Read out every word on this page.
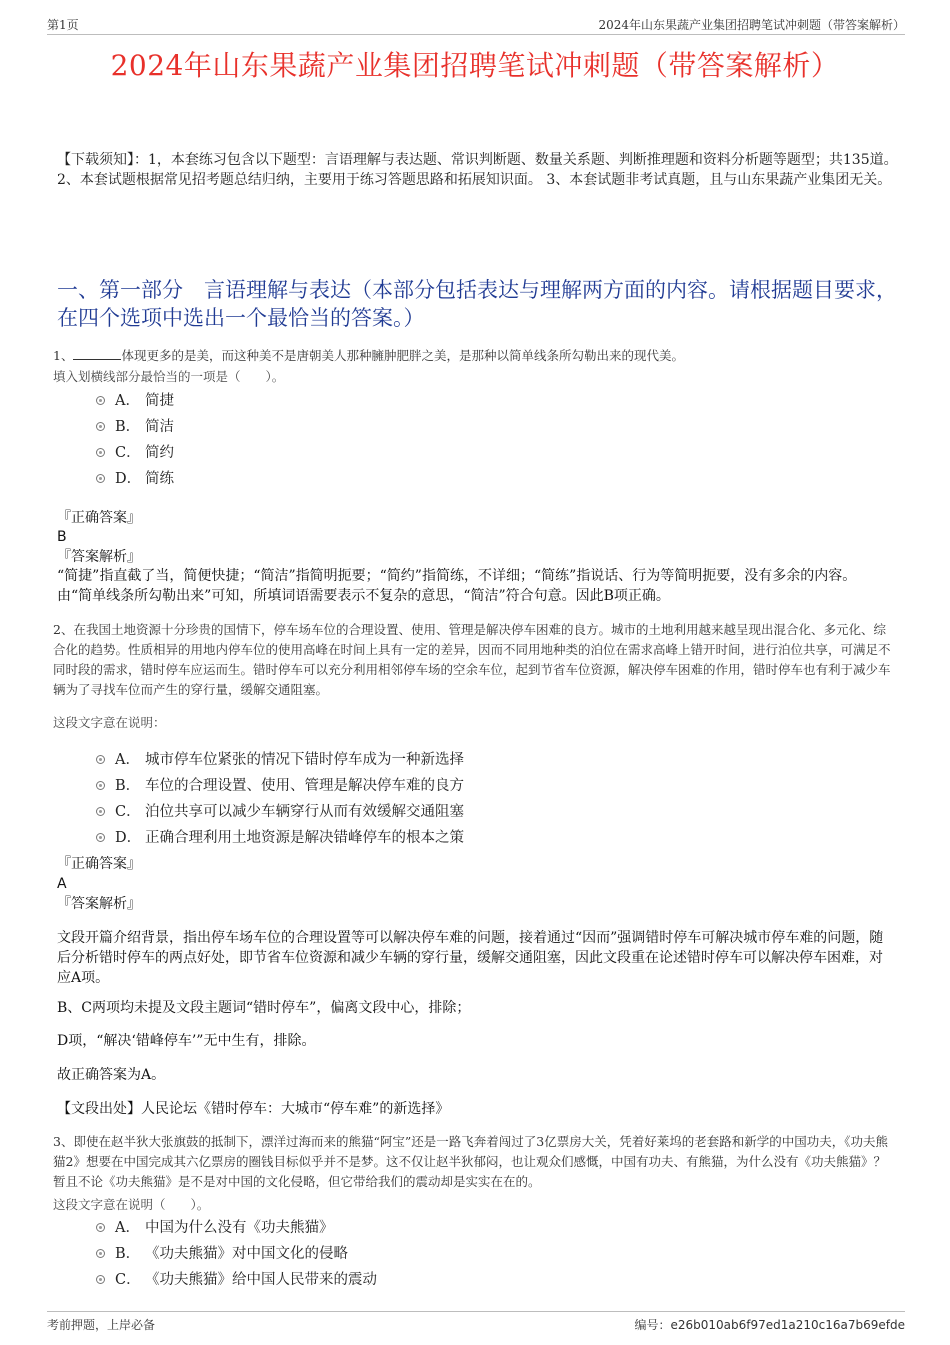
第1页	2024年山东果蔬产业集团招聘笔试冲刺题（带答案解析）
2024年山东果蔬产业集团招聘笔试冲刺题（带答案解析）
【下载须知】：1，本套练习包含以下题型：言语理解与表达题、常识判断题、数量关系题、判断推理题和资料分析题等题型；共135道。 2、本套试题根据常见招考题总结归纳，主要用于练习答题思路和拓展知识面。 3、本套试题非考试真题，且与山东果蔬产业集团无关。
一、第一部分　言语理解与表达（本部分包括表达与理解两方面的内容。请根据题目要求，在四个选项中选出一个最恰当的答案。）
1、	体现更多的是美，而这种美不是唐朝美人那种臃肿肥胖之美，是那种以简单线条所勾勒出来的现代美。
填入划横线部分最恰当的一项是（　　）。
A． 简捷
B． 简洁
C． 简约
D． 简练
『正确答案』
B
『答案解析』
“简捷”指直截了当，简便快捷；“简洁”指简明扼要；“简约”指简练，不详细；“简练”指说话、行为等简明扼要，没有多余的内容。由“简单线条所勾勒出来”可知，所填词语需要表示不复杂的意思，“简洁”符合句意。因此B项正确。
2、在我国土地资源十分珍贵的国情下，停车场车位的合理设置、使用、管理是解决停车困难的良方。城市的土地利用越来越呈现出混合化、多元化、综合化的趋势。性质相异的用地内停车位的使用高峰在时间上具有一定的差异，因而不同用地种类的泊位在需求高峰上错开时间，进行泊位共享，可满足不同时段的需求，错时停车应运而生。错时停车可以充分利用相邻停车场的空余车位，起到节省车位资源，解决停车困难的作用，错时停车也有利于减少车辆为了寻找车位而产生的穿行量，缓解交通阻塞。
这段文字意在说明：
A． 城市停车位紧张的情况下错时停车成为一种新选择
B． 车位的合理设置、使用、管理是解决停车难的良方
C． 泊位共享可以减少车辆穿行从而有效缓解交通阻塞
D． 正确合理利用土地资源是解决错峰停车的根本之策
『正确答案』
A
『答案解析』
文段开篇介绍背景，指出停车场车位的合理设置等可以解决停车难的问题，接着通过“因而”强调错时停车可解决城市停车难的问题，随后分析错时停车的两点好处，即节省车位资源和减少车辆的穿行量，缓解交通阻塞，因此文段重在论述错时停车可以解决停车困难，对应A项。
B、C两项均未提及文段主题词“错时停车”，偏离文段中心，排除；
D项，“解决‘错峰停车’”无中生有，排除。
故正确答案为A。
【文段出处】人民论坛《错时停车：大城市“停车难”的新选择》
3、即使在赵半狄大张旗鼓的抵制下，漂洋过海而来的熊猫“阿宝”还是一路飞奔着闯过了3亿票房大关，凭着好莱坞的老套路和新学的中国功夫，《功夫熊猫2》想要在中国完成其六亿票房的圈钱目标似乎并不是梦。这不仅让赵半狄郁闷，也让观众们感慨，中国有功夫、有熊猫，为什么没有《功夫熊猫》？暂且不论《功夫熊猫》是不是对中国的文化侵略，但它带给我们的震动却是实实在在的。
这段文字意在说明（　　）。
A． 中国为什么没有《功夫熊猫》
B． 《功夫熊猫》对中国文化的侵略
C． 《功夫熊猫》给中国人民带来的震动
考前押题，上岸必备	编号：e26b010ab6f97ed1a210c16a7b69efde
